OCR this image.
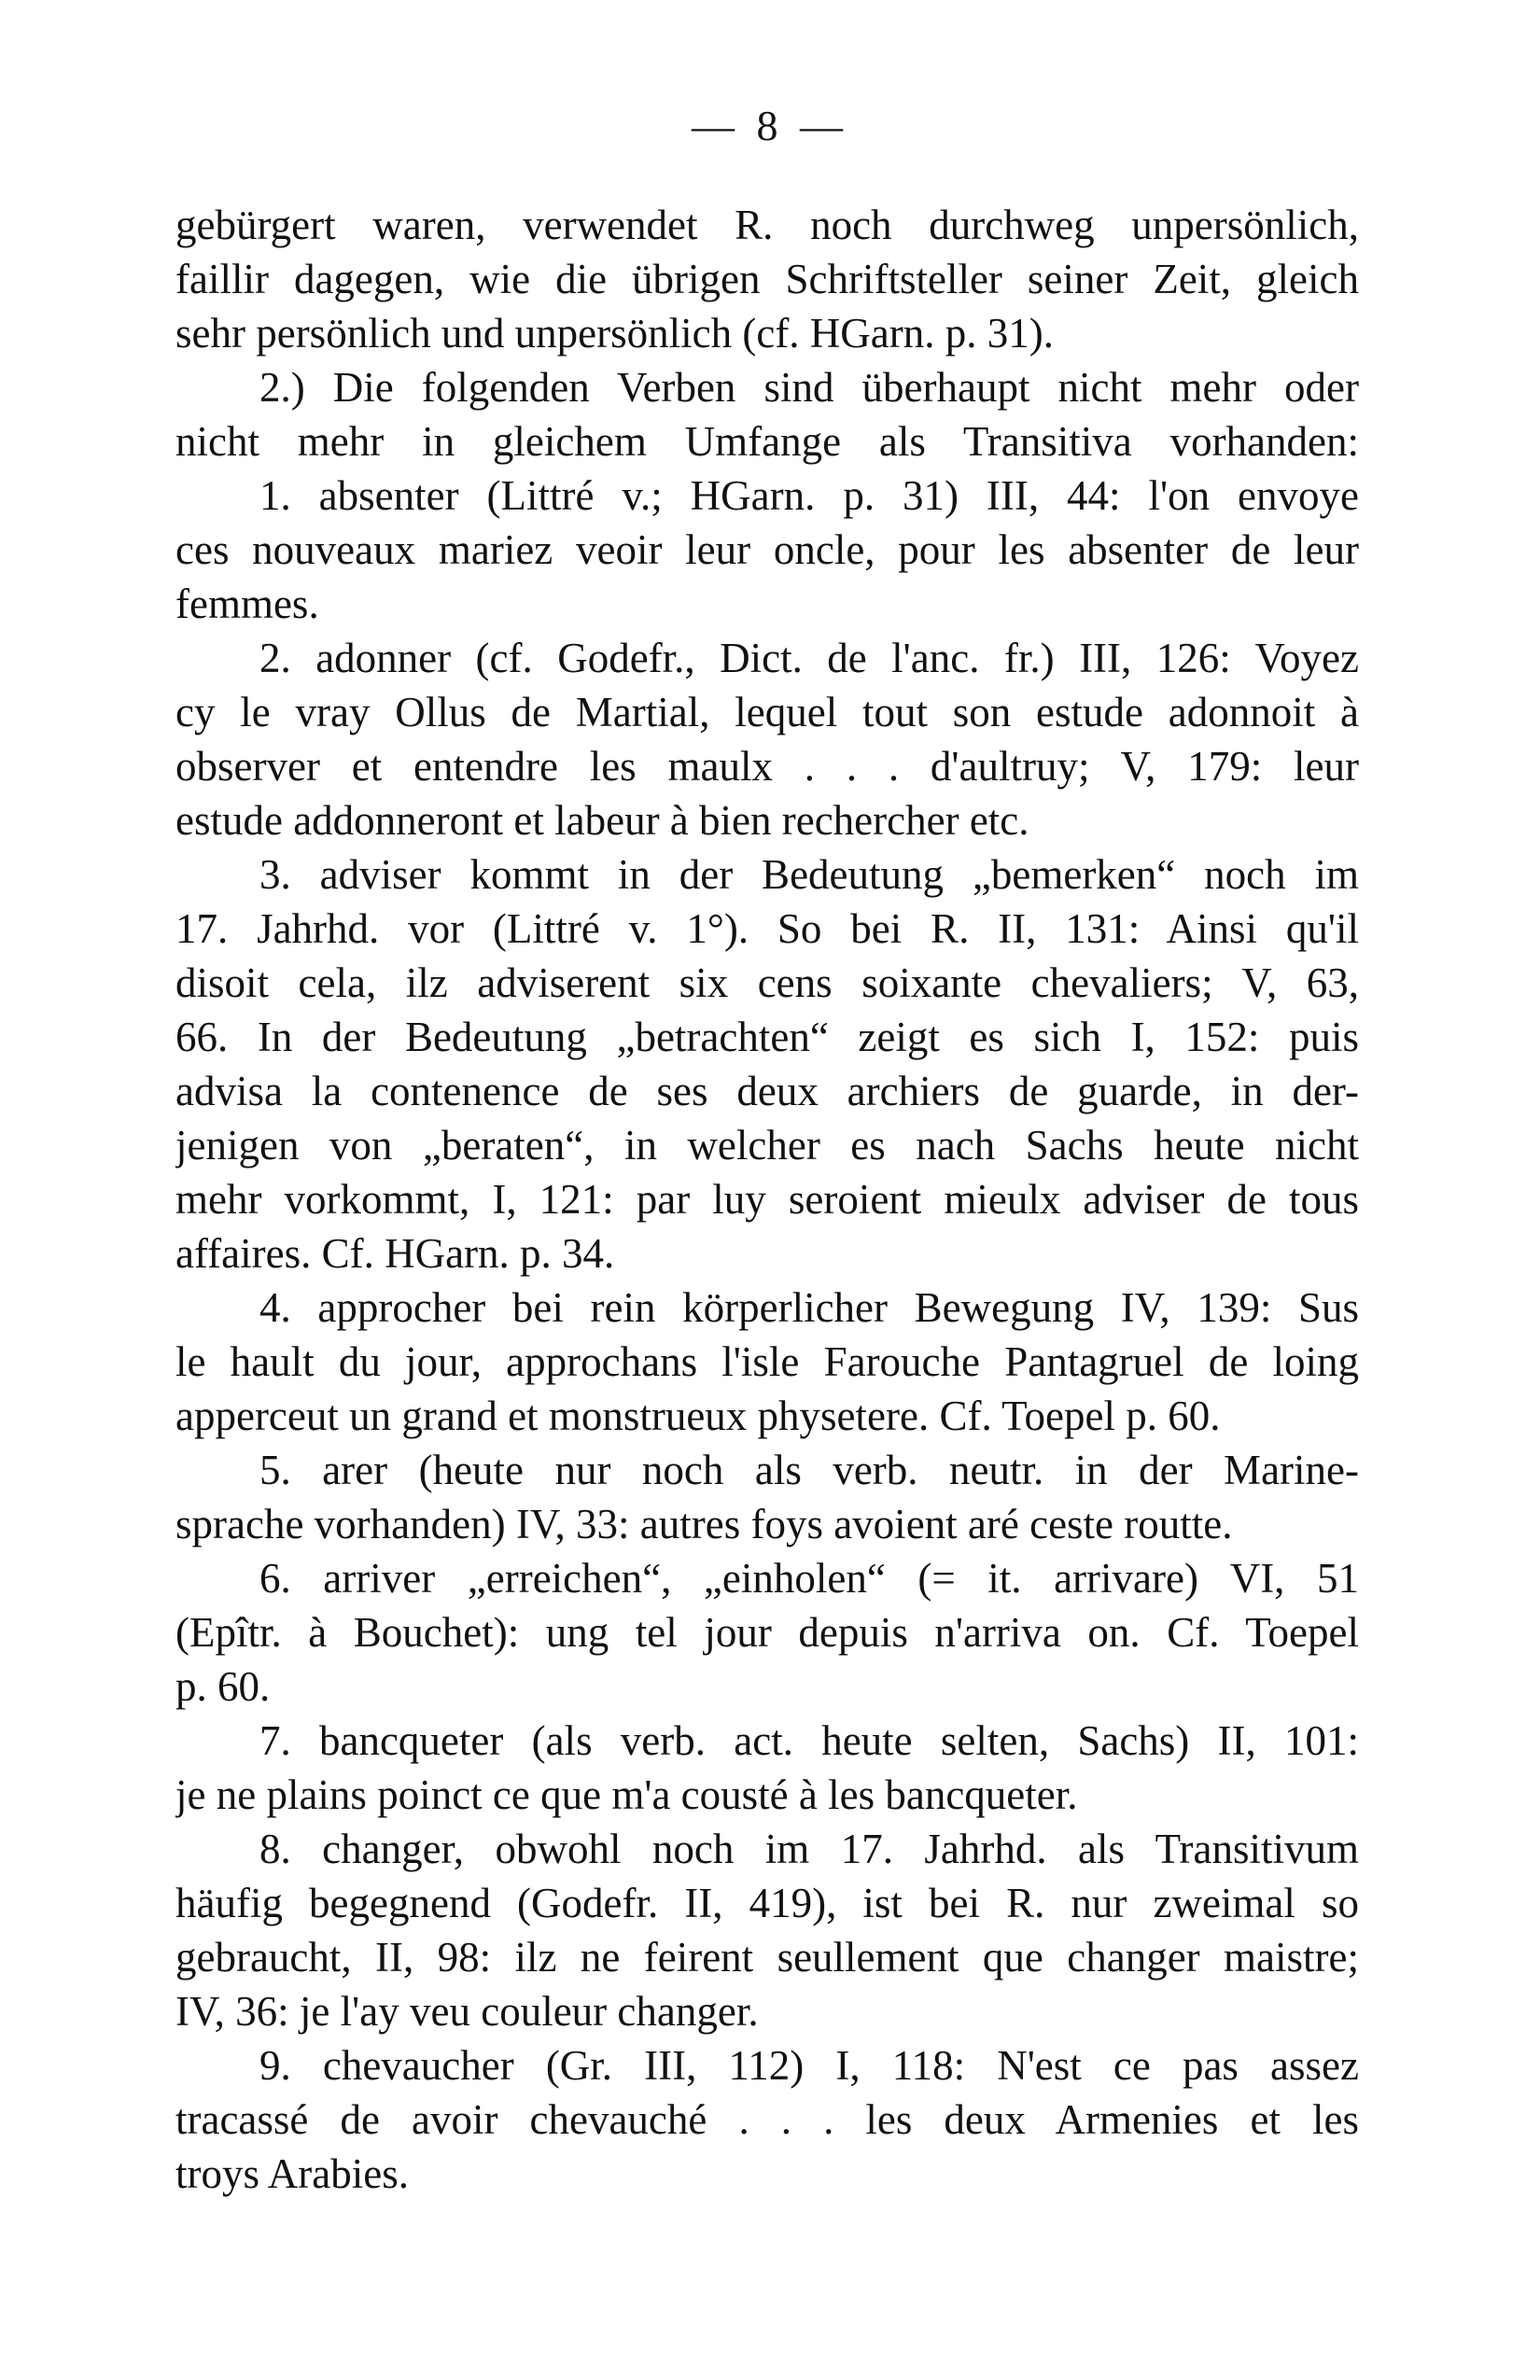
— 8 —
gebürgert waren, verwendet R. noch durchweg unpersönlich,
faillir dagegen, wie die übrigen Schriftsteller seiner Zeit, gleich
sehr persönlich und unpersönlich (cf. HGarn. p. 31).
2.) Die folgenden Verben sind überhaupt nicht mehr oder
nicht mehr in gleichem Umfange als Transitiva vorhanden:
1. absenter (Littré v.; HGarn. p. 31) III, 44: l'on envoye
ces nouveaux mariez veoir leur oncle, pour les absenter de leur
femmes.
2. adonner (cf. Godefr., Dict. de l'anc. fr.) III, 126: Voyez
cy le vray Ollus de Martial, lequel tout son estude adonnoit à
observer et entendre les maulx . . . d'aultruy; V, 179: leur
estude addonneront et labeur à bien rechercher etc.
3. adviser kommt in der Bedeutung „bemerken“ noch im
17. Jahrhd. vor (Littré v. 1°). So bei R. II, 131: Ainsi qu'il
disoit cela, ilz adviserent six cens soixante chevaliers; V, 63,
66. In der Bedeutung „betrachten“ zeigt es sich I, 152: puis
advisa la contenence de ses deux archiers de guarde, in der-
jenigen von „beraten“, in welcher es nach Sachs heute nicht
mehr vorkommt, I, 121: par luy seroient mieulx adviser de tous
affaires. Cf. HGarn. p. 34.
4. approcher bei rein körperlicher Bewegung IV, 139: Sus
le hault du jour, approchans l'isle Farouche Pantagruel de loing
apperceut un grand et monstrueux physetere. Cf. Toepel p. 60.
5. arer (heute nur noch als verb. neutr. in der Marine-
sprache vorhanden) IV, 33: autres foys avoient aré ceste routte.
6. arriver „erreichen“, „einholen“ (= it. arrivare) VI, 51
(Epîtr. à Bouchet): ung tel jour depuis n'arriva on. Cf. Toepel
p. 60.
7. bancqueter (als verb. act. heute selten, Sachs) II, 101:
je ne plains poinct ce que m'a cousté à les bancqueter.
8. changer, obwohl noch im 17. Jahrhd. als Transitivum
häufig begegnend (Godefr. II, 419), ist bei R. nur zweimal so
gebraucht, II, 98: ilz ne feirent seullement que changer maistre;
IV, 36: je l'ay veu couleur changer.
9. chevaucher (Gr. III, 112) I, 118: N'est ce pas assez
tracassé de avoir chevauché . . . les deux Armenies et les
troys Arabies.
